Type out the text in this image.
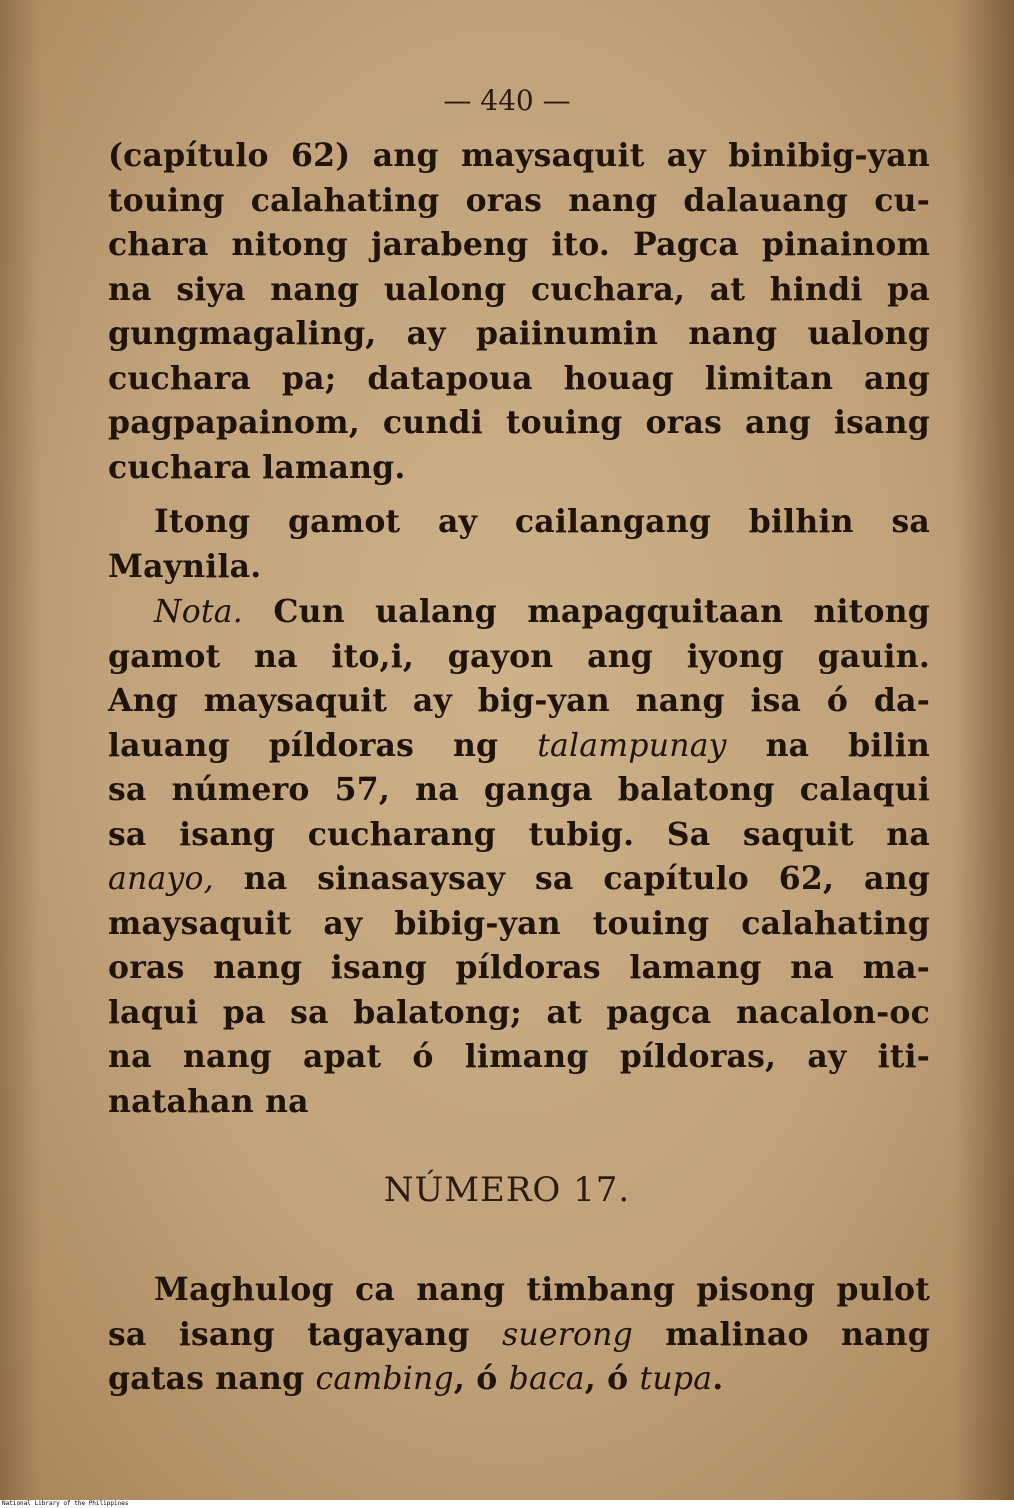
— 440 —
(capítulo 62) ang maysaquit ay binibig-yan
touing calahating oras nang dalauang cu-
chara nitong jarabeng ito. Pagca pinainom
na siya nang ualong cuchara, at hindi pa
gungmagaling, ay paiinumin nang ualong
cuchara pa; datapoua houag limitan ang
pagpapainom, cundi touing oras ang isang
cuchara lamang.
Itong gamot ay cailangang bilhin sa
Maynila.
Nota. Cun ualang mapagquitaan nitong
gamot na ito,i, gayon ang iyong gauin.
Ang maysaquit ay big-yan nang isa ó da-
lauang píldoras ng talampunay na bilin
sa número 57, na ganga balatong calaqui
sa isang cucharang tubig. Sa saquit na
anayo, na sinasaysay sa capítulo 62, ang
maysaquit ay bibig-yan touing calahating
oras nang isang píldoras lamang na ma-
laqui pa sa balatong; at pagca nacalon-oc
na nang apat ó limang píldoras, ay iti-
natahan na
NÚMERO 17.
Maghulog ca nang timbang pisong pulot
sa isang tagayang suerong malinao nang
gatas nang cambing, ó baca, ó tupa.
National Library of the Philippines
